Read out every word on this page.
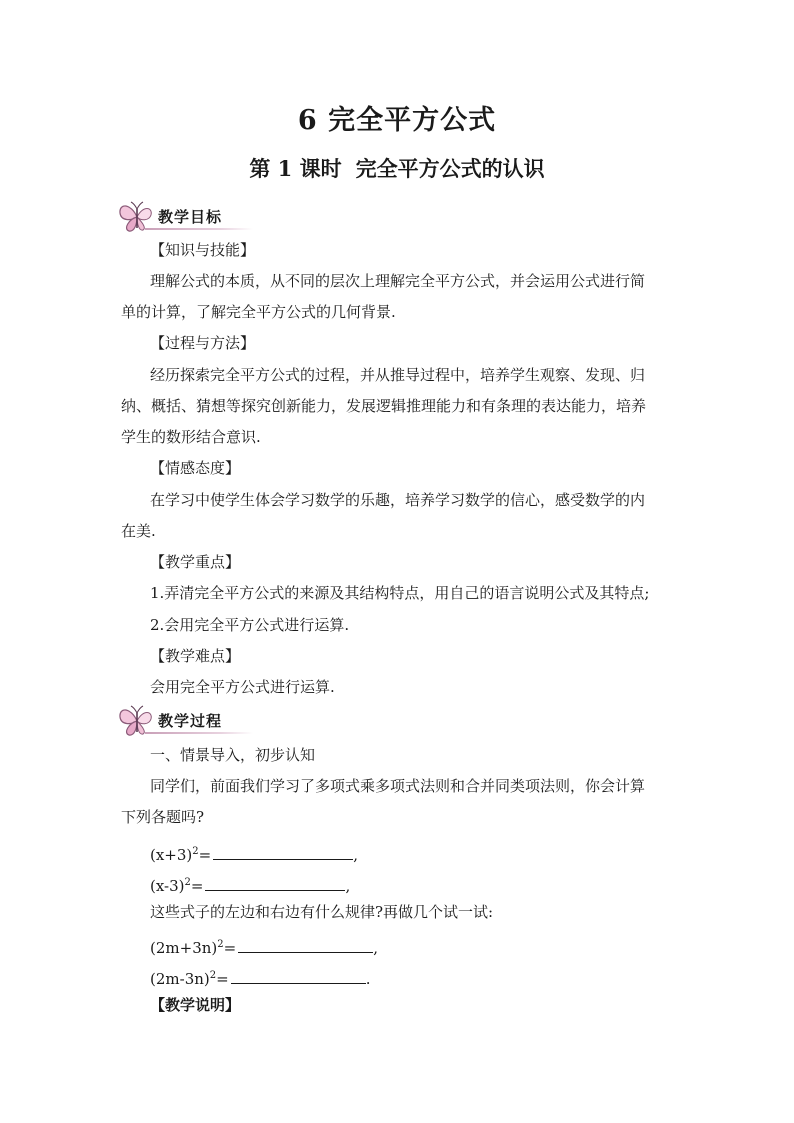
6 完全平方公式
第 1 课时 完全平方公式的认识
教学目标
【知识与技能】
理解公式的本质，从不同的层次上理解完全平方公式，并会运用公式进行简
单的计算，了解完全平方公式的几何背景.
【过程与方法】
经历探索完全平方公式的过程，并从推导过程中，培养学生观察、发现、归
纳、概括、猜想等探究创新能力，发展逻辑推理能力和有条理的表达能力，培养
学生的数形结合意识.
【情感态度】
在学习中使学生体会学习数学的乐趣，培养学习数学的信心，感受数学的内
在美.
【教学重点】
1.弄清完全平方公式的来源及其结构特点，用自己的语言说明公式及其特点;
2.会用完全平方公式进行运算.
【教学难点】
会用完全平方公式进行运算.
教学过程
一、情景导入，初步认知
同学们，前面我们学习了多项式乘多项式法则和合并同类项法则，你会计算
下列各题吗?
$(x+3)^2=$	,
$(x-3)^2=$	,
这些式子的左边和右边有什么规律?再做几个试一试:
$(2m+3n)^2=$	,
$(2m-3n)^2=$	.
【教学说明】
